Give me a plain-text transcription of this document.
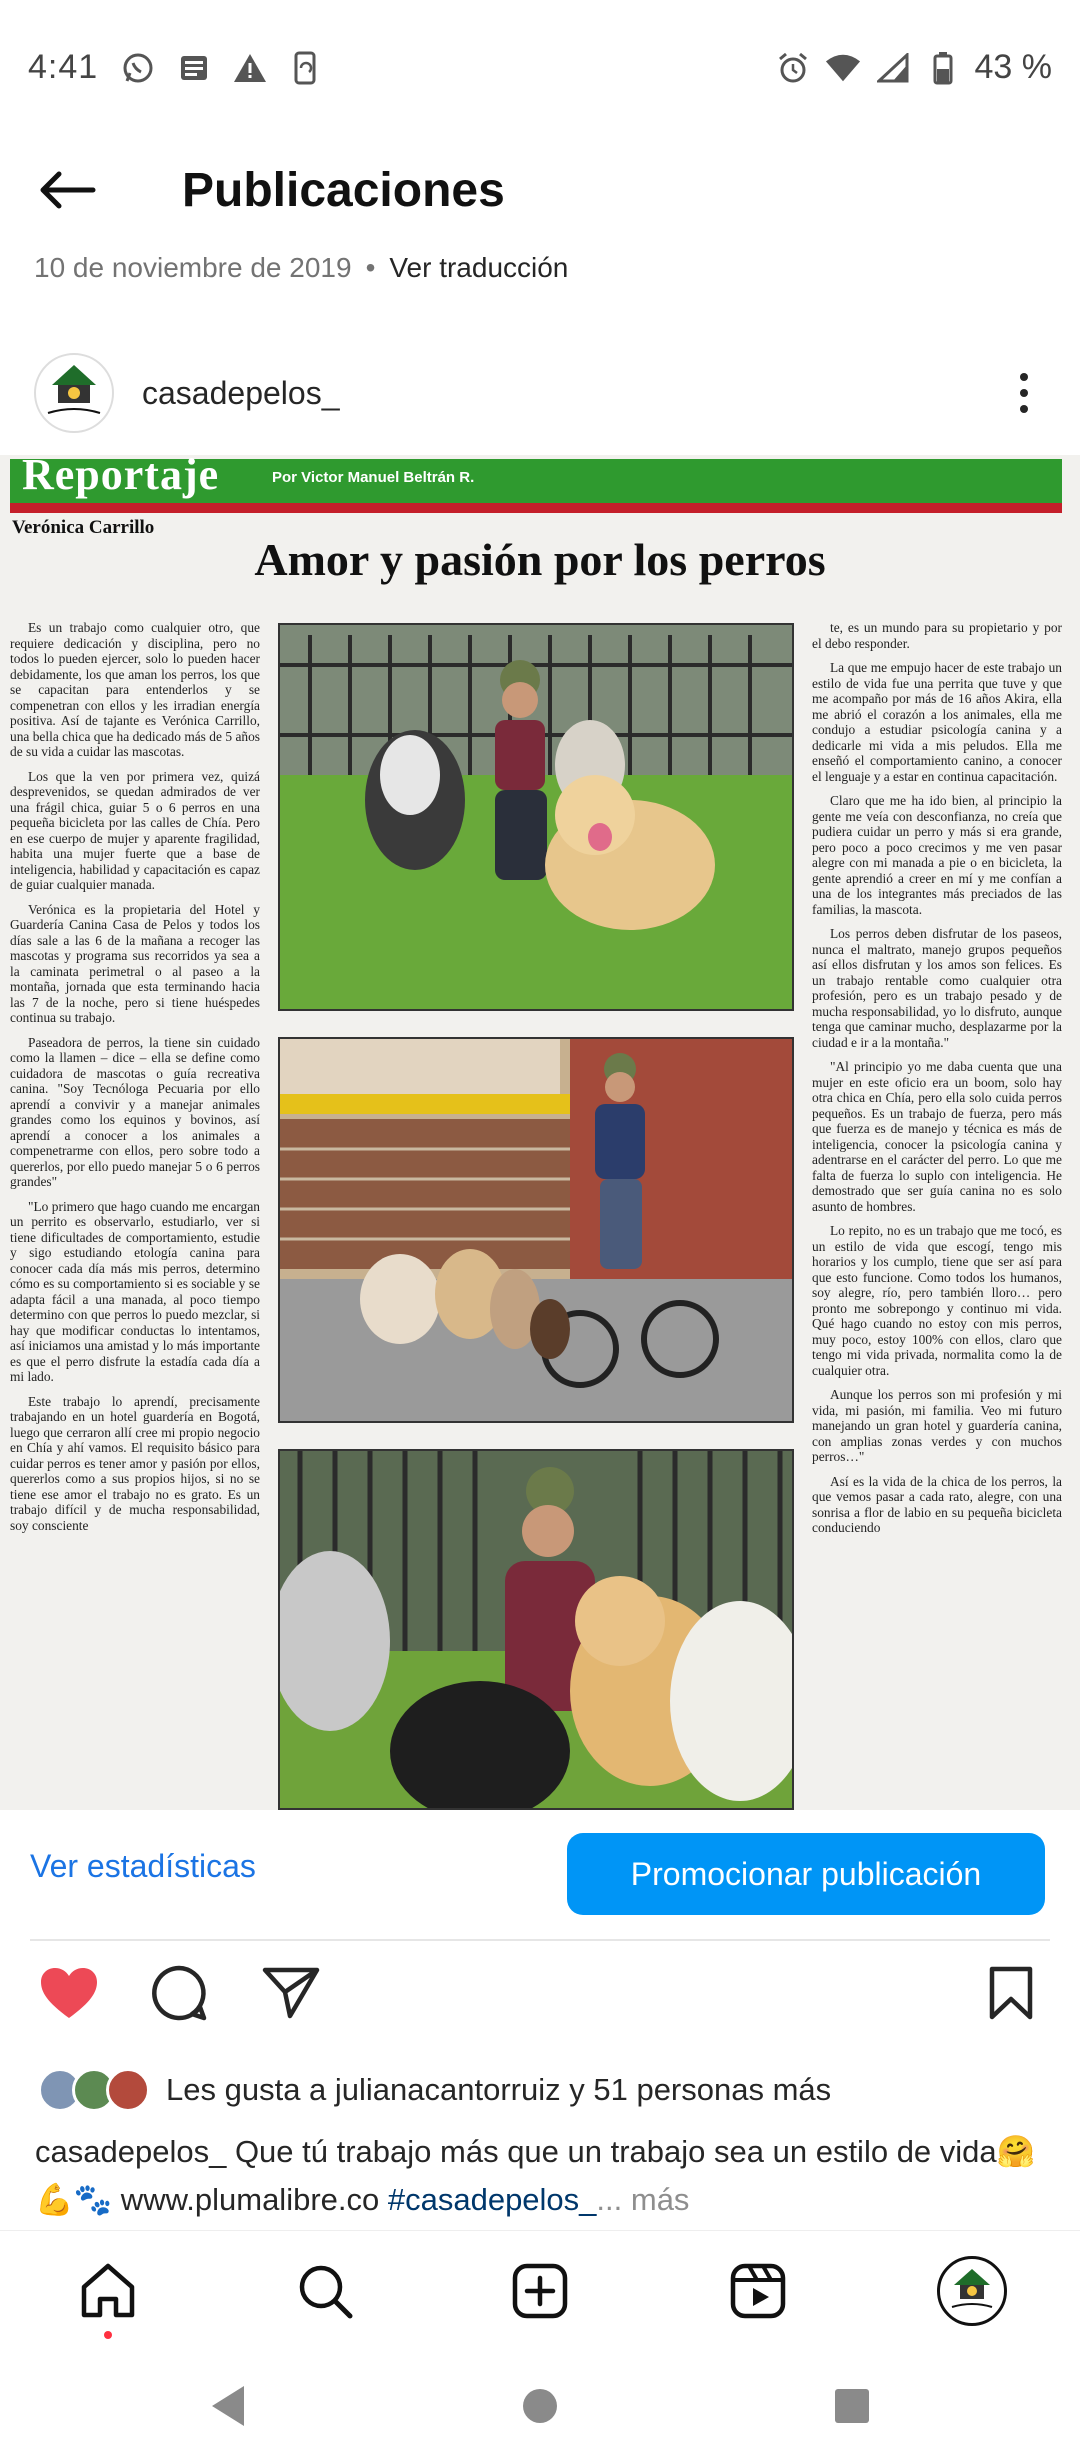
4:41	43 %
Publicaciones
10 de noviembre de 2019 • Ver traducción
casadepelos_
Reportaje	Por Victor Manuel Beltrán R.
Verónica Carrillo
Amor y pasión por los perros

Es un trabajo como cualquier otro, que requiere dedicación y disciplina, pero no todos lo pueden ejercer, solo lo pueden hacer debidamente, los que aman los perros, los que se capacitan para entenderlos y se compenetran con ellos y les irradian energía positiva. Así de tajante es Verónica Carrillo, una bella chica que ha dedicado más de 5 años de su vida a cuidar las mascotas.

Los que la ven por primera vez, quizá desprevenidos, se quedan admirados de ver una frágil chica, guiar 5 o 6 perros en una pequeña bicicleta por las calles de Chía. Pero en ese cuerpo de mujer y aparente fragilidad, habita una mujer fuerte que a base de inteligencia, habilidad y capacitación es capaz de guiar cualquier manada.

Verónica es la propietaria del Hotel y Guardería Canina Casa de Pelos y todos los días sale a las 6 de la mañana a recoger las mascotas y programa sus recorridos ya sea a la caminata perimetral o al paseo a la montaña, jornada que esta terminando hacia las 7 de la noche, pero si tiene huéspedes continua su trabajo.

Paseadora de perros, la tiene sin cuidado como la llamen – dice – ella se define como cuidadora de mascotas o guía recreativa canina. "Soy Tecnóloga Pecuaria por ello aprendí a convivir y a manejar animales grandes como los equinos y bovinos, así aprendí a conocer a los animales a compenetrarme con ellos, pero sobre todo a quererlos, por ello puedo manejar 5 o 6 perros grandes"

"Lo primero que hago cuando me encargan un perrito es observarlo, estudiarlo, ver si tiene dificultades de comportamiento, estudie y sigo estudiando etología canina para conocer cada día más mis perros, determino cómo es su comportamiento si es sociable y se adapta fácil a una manada, al poco tiempo determino con que perros lo puedo mezclar, si hay que modificar conductas lo intentamos, así iniciamos una amistad y lo más importante es que el perro disfrute la estadía cada día a mi lado.

Este trabajo lo aprendí, precisamente trabajando en un hotel guardería en Bogotá, luego que cerraron allí cree mi propio negocio en Chía y ahí vamos. El requisito básico para cuidar perros es tener amor y pasión por ellos, quererlos como a sus propios hijos, si no se tiene ese amor el trabajo no es grato. Es un trabajo difícil y de mucha responsabilidad, soy consciente

te, es un mundo para su propietario y por el debo responder.

La que me empujo hacer de este trabajo un estilo de vida fue una perrita que tuve y que me acompaño por más de 16 años Akira, ella me abrió el corazón a los animales, ella me condujo a estudiar psicología canina y a dedicarle mi vida a mis peludos. Ella me enseñó el comportamiento canino, a conocer el lenguaje y a estar en continua capacitación.

Claro que me ha ido bien, al principio la gente me veía con desconfianza, no creía que pudiera cuidar un perro y más si era grande, pero poco a poco crecimos y me ven pasar alegre con mi manada a pie o en bicicleta, la gente aprendió a creer en mí y me confían a una de los integrantes más preciados de las familias, la mascota.

Los perros deben disfrutar de los paseos, nunca el maltrato, manejo grupos pequeños así ellos disfrutan y los amos son felices. Es un trabajo rentable como cualquier otra profesión, pero es un trabajo pesado y de mucha responsabilidad, yo lo disfruto, aunque tenga que caminar mucho, desplazarme por la ciudad e ir a la montaña."

"Al principio yo me daba cuenta que una mujer en este oficio era un boom, solo hay otra chica en Chía, pero ella solo cuida perros pequeños. Es un trabajo de fuerza, pero más que fuerza es de manejo y técnica es más de inteligencia, conocer la psicología canina y adentrarse en el carácter del perro. Lo que me falta de fuerza lo suplo con inteligencia. He demostrado que ser guía canina no es solo asunto de hombres.

Lo repito, no es un trabajo que me tocó, es un estilo de vida que escogí, tengo mis horarios y los cumplo, tiene que ser así para que esto funcione. Como todos los humanos, soy alegre, río, pero también lloro… pero pronto me sobrepongo y continuo mi vida. Qué hago cuando no estoy con mis perros, muy poco, estoy 100% con ellos, claro que tengo mi vida privada, normalita como la de cualquier otra.

Aunque los perros son mi profesión y mi vida, mi pasión, mi familia. Veo mi futuro manejando un gran hotel y guardería canina, con amplias zonas verdes y con muchos perros…"

Así es la vida de la chica de los perros, la que vemos pasar a cada rato, alegre, con una sonrisa a flor de labio en su pequeña bicicleta conduciendo

Ver estadísticas	Promocionar publicación
Les gusta a julianacantorruiz y 51 personas más
casadepelos_ Que tú trabajo más que un trabajo sea un estilo de vida🤗 💪🐾 www.plumalibre.co #casadepelos_... más
